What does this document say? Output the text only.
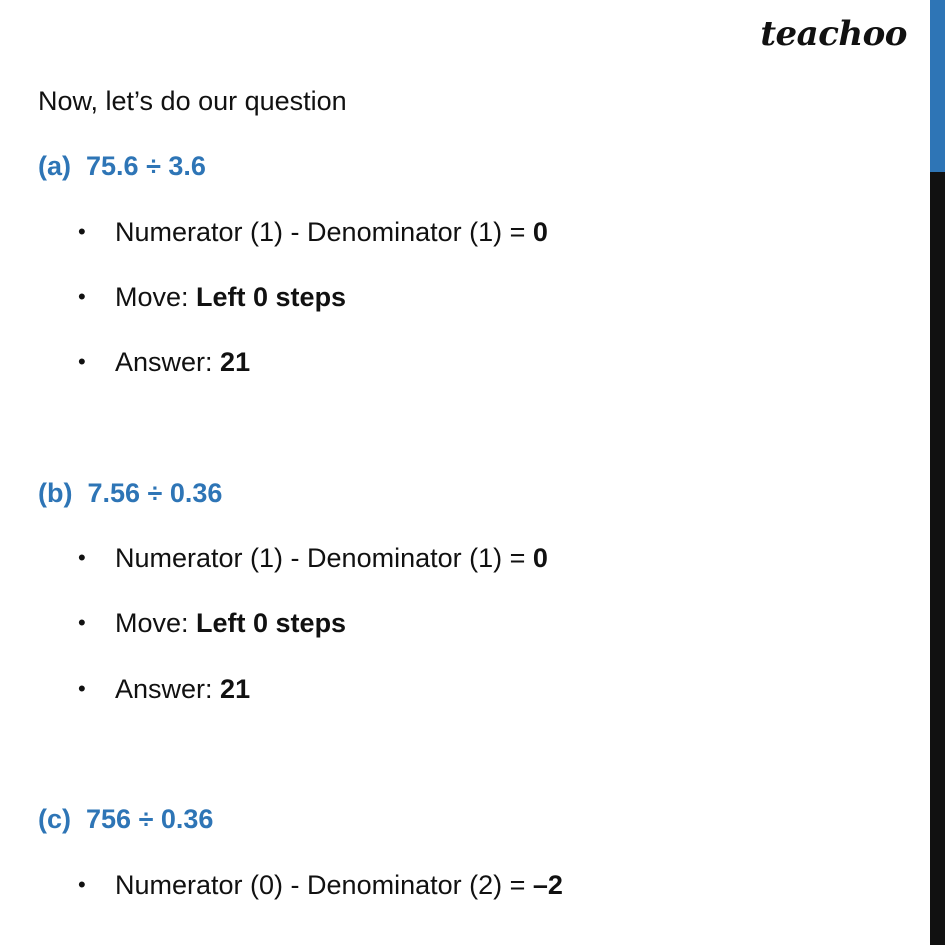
teachoo
Now, let’s do our question
(a) 75.6 ÷ 3.6
• Numerator (1) - Denominator (1) = 0
• Move: Left 0 steps
• Answer: 21
(b) 7.56 ÷ 0.36
• Numerator (1) - Denominator (1) = 0
• Move: Left 0 steps
• Answer: 21
(c) 756 ÷ 0.36
• Numerator (0) - Denominator (2) = –2
